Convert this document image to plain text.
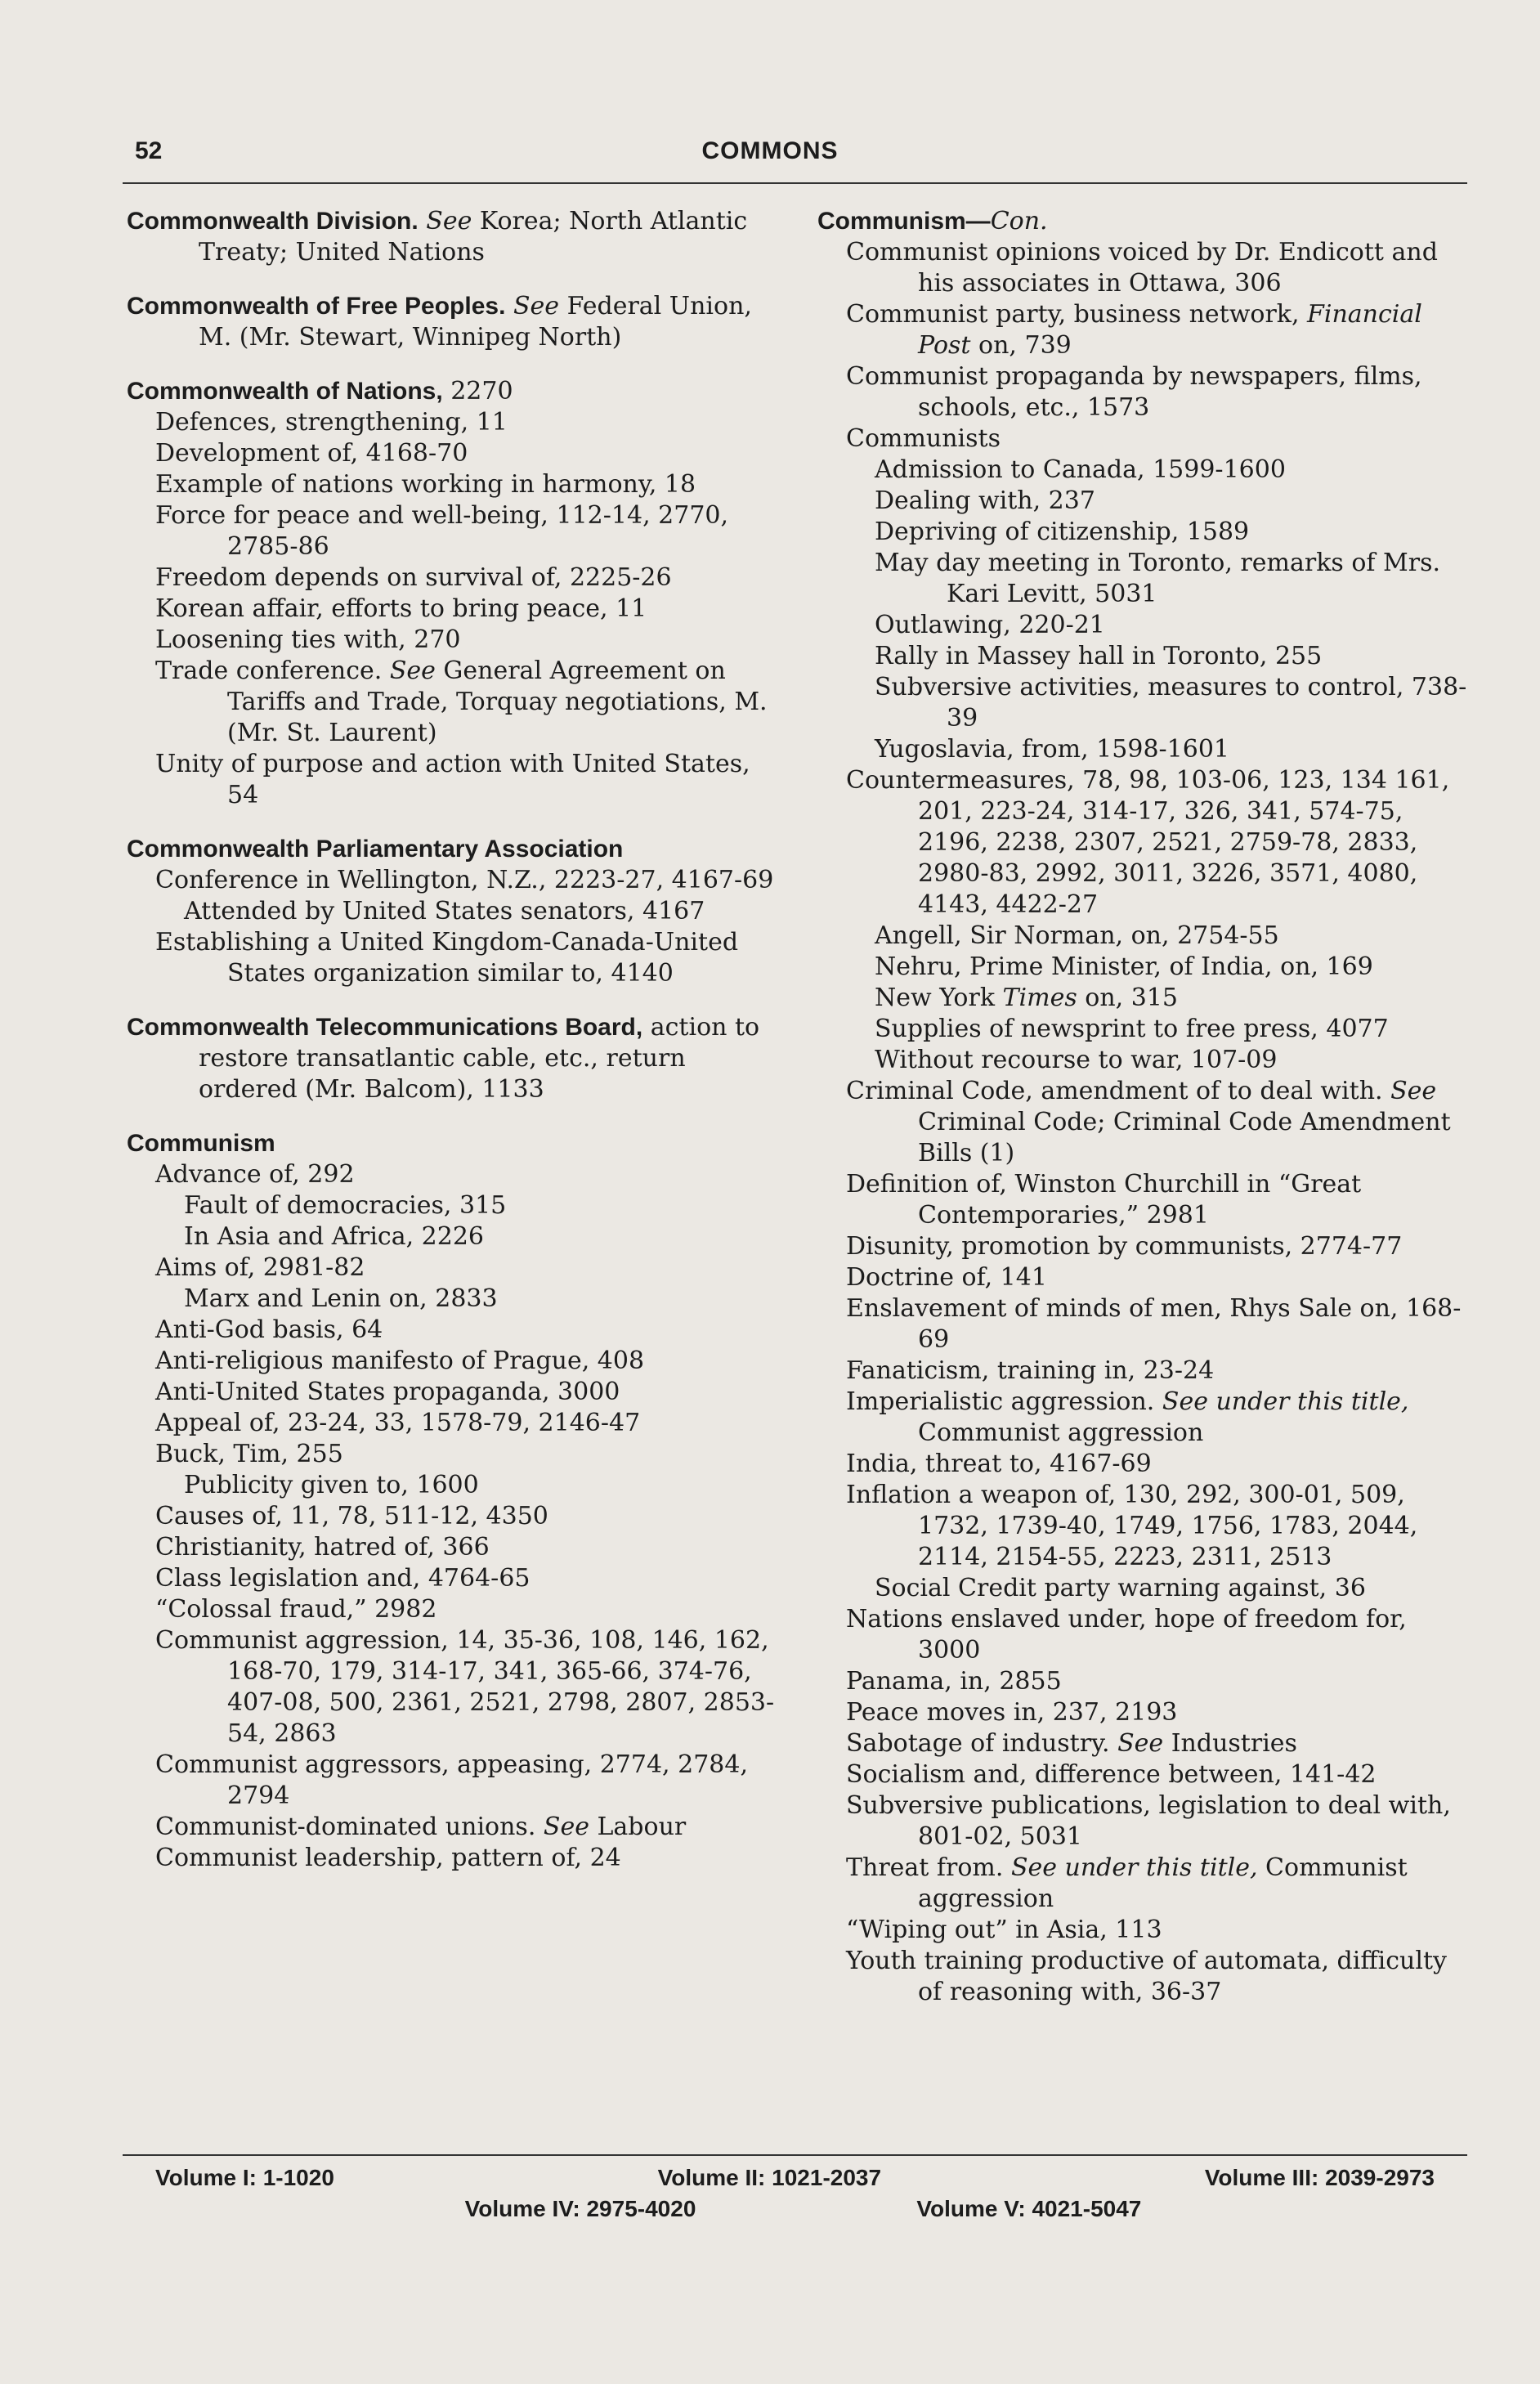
52	COMMONS
Commonwealth Division. See Korea; North Atlantic Treaty; United Nations
Commonwealth of Free Peoples. See Federal Union, M. (Mr. Stewart, Winnipeg North)
Commonwealth of Nations, 2270
Defences, strengthening, 11
Development of, 4168-70
Example of nations working in harmony, 18
Force for peace and well-being, 112-14, 2770, 2785-86
Freedom depends on survival of, 2225-26
Korean affair, efforts to bring peace, 11
Loosening ties with, 270
Trade conference. See General Agreement on Tariffs and Trade, Torquay negotiations, M. (Mr. St. Laurent)
Unity of purpose and action with United States, 54
Commonwealth Parliamentary Association
Conference in Wellington, N.Z., 2223-27, 4167-69
Attended by United States senators, 4167
Establishing a United Kingdom-Canada-United States organization similar to, 4140
Commonwealth Telecommunications Board, action to restore transatlantic cable, etc., return ordered (Mr. Balcom), 1133
Communism
Advance of, 292
Fault of democracies, 315
In Asia and Africa, 2226
Aims of, 2981-82
Marx and Lenin on, 2833
Anti-God basis, 64
Anti-religious manifesto of Prague, 408
Anti-United States propaganda, 3000
Appeal of, 23-24, 33, 1578-79, 2146-47
Buck, Tim, 255
Publicity given to, 1600
Causes of, 11, 78, 511-12, 4350
Christianity, hatred of, 366
Class legislation and, 4764-65
“Colossal fraud,” 2982
Communist aggression, 14, 35-36, 108, 146, 162, 168-70, 179, 314-17, 341, 365-66, 374-76, 407-08, 500, 2361, 2521, 2798, 2807, 2853-54, 2863
Communist aggressors, appeasing, 2774, 2784, 2794
Communist-dominated unions. See Labour
Communist leadership, pattern of, 24
Communism—Con.
Communist opinions voiced by Dr. Endicott and his associates in Ottawa, 306
Communist party, business network, Financial Post on, 739
Communist propaganda by newspapers, films, schools, etc., 1573
Communists
Admission to Canada, 1599-1600
Dealing with, 237
Depriving of citizenship, 1589
May day meeting in Toronto, remarks of Mrs. Kari Levitt, 5031
Outlawing, 220-21
Rally in Massey hall in Toronto, 255
Subversive activities, measures to control, 738-39
Yugoslavia, from, 1598-1601
Countermeasures, 78, 98, 103-06, 123, 134 161, 201, 223-24, 314-17, 326, 341, 574-75, 2196, 2238, 2307, 2521, 2759-78, 2833, 2980-83, 2992, 3011, 3226, 3571, 4080, 4143, 4422-27
Angell, Sir Norman, on, 2754-55
Nehru, Prime Minister, of India, on, 169
New York Times on, 315
Supplies of newsprint to free press, 4077
Without recourse to war, 107-09
Criminal Code, amendment of to deal with. See Criminal Code; Criminal Code Amendment Bills (1)
Definition of, Winston Churchill in “Great Contemporaries,” 2981
Disunity, promotion by communists, 2774-77
Doctrine of, 141
Enslavement of minds of men, Rhys Sale on, 168-69
Fanaticism, training in, 23-24
Imperialistic aggression. See under this title, Communist aggression
India, threat to, 4167-69
Inflation a weapon of, 130, 292, 300-01, 509, 1732, 1739-40, 1749, 1756, 1783, 2044, 2114, 2154-55, 2223, 2311, 2513
Social Credit party warning against, 36
Nations enslaved under, hope of freedom for, 3000
Panama, in, 2855
Peace moves in, 237, 2193
Sabotage of industry. See Industries
Socialism and, difference between, 141-42
Subversive publications, legislation to deal with, 801-02, 5031
Threat from. See under this title, Communist aggression
“Wiping out” in Asia, 113
Youth training productive of automata, difficulty of reasoning with, 36-37
Volume I: 1-1020	Volume II: 1021-2037	Volume III: 2039-2973
Volume IV: 2975-4020	Volume V: 4021-5047
